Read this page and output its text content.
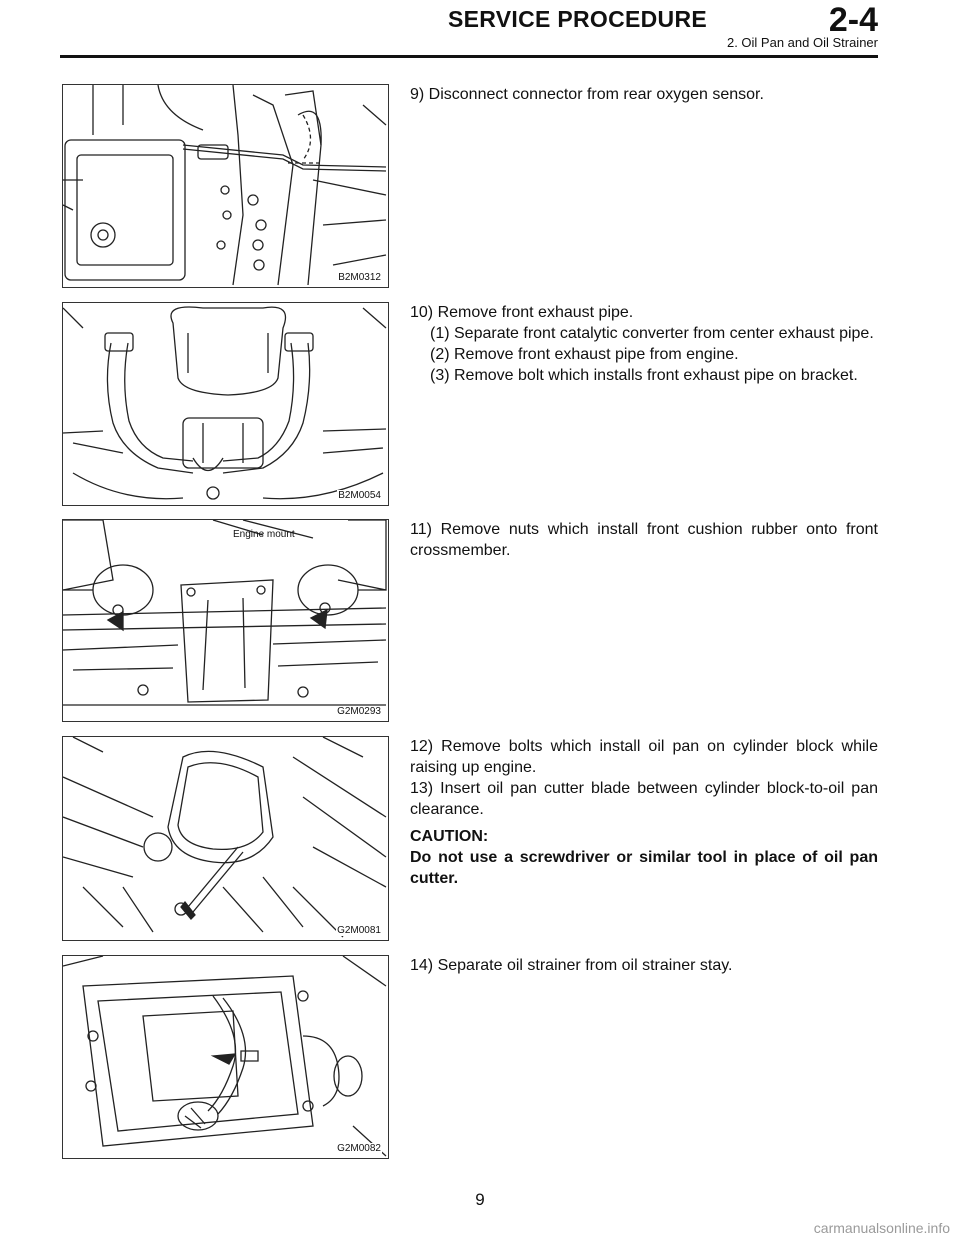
SERVICE PROCEDURE	2-4
2. Oil Pan and Oil Strainer
B2M0312

9) Disconnect connector from rear oxygen sensor.

B2M0054

10) Remove front exhaust pipe.

(1) Separate front catalytic converter from center exhaust pipe.

(2) Remove front exhaust pipe from engine.

(3) Remove bolt which installs front exhaust pipe on bracket.

Engine mount
G2M0293

11) Remove nuts which install front cushion rubber onto front crossmember.

G2M0081

12) Remove bolts which install oil pan on cylinder block while raising up engine.

13) Insert oil pan cutter blade between cylinder block-to-oil pan clearance.

CAUTION:

Do not use a screwdriver or similar tool in place of oil pan cutter.

G2M0082

14) Separate oil strainer from oil strainer stay.

9
carmanualsonline.info
